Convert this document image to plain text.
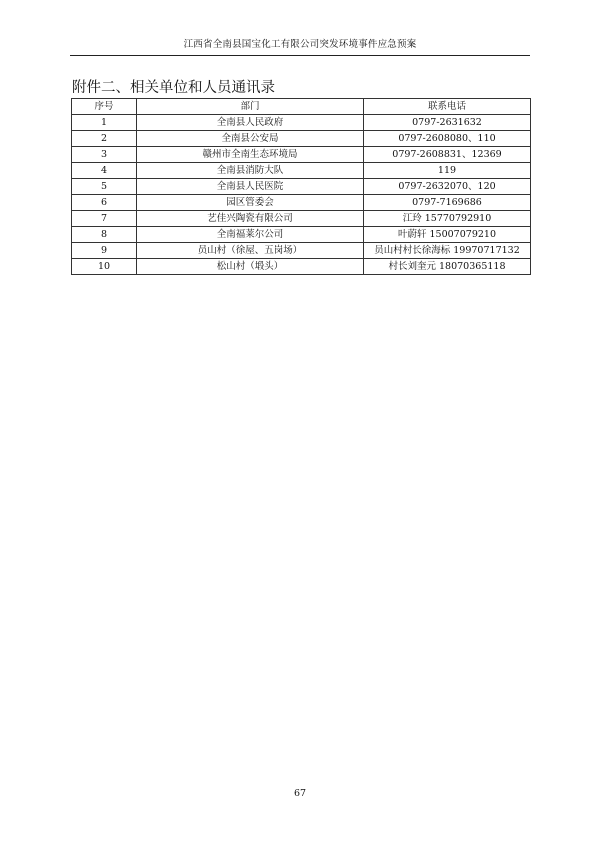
江西省全南县国宝化工有限公司突发环境事件应急预案
附件二、相关单位和人员通讯录
序号	部门	联系电话
1	全南县人民政府	0797-2631632
2	全南县公安局	0797-2608080、110
3	赣州市全南生态环境局	0797-2608831、12369
4	全南县消防大队	119
5	全南县人民医院	0797-2632070、120
6	园区管委会	0797-7169686
7	艺佳兴陶瓷有限公司	江玲 15770792910
8	全南福莱尔公司	叶蔚轩 15007079210
9	员山村（徐屋、五岗场）	员山村村长徐海标 19970717132
10	松山村（塅头）	村长刘奎元 18070365118
67
